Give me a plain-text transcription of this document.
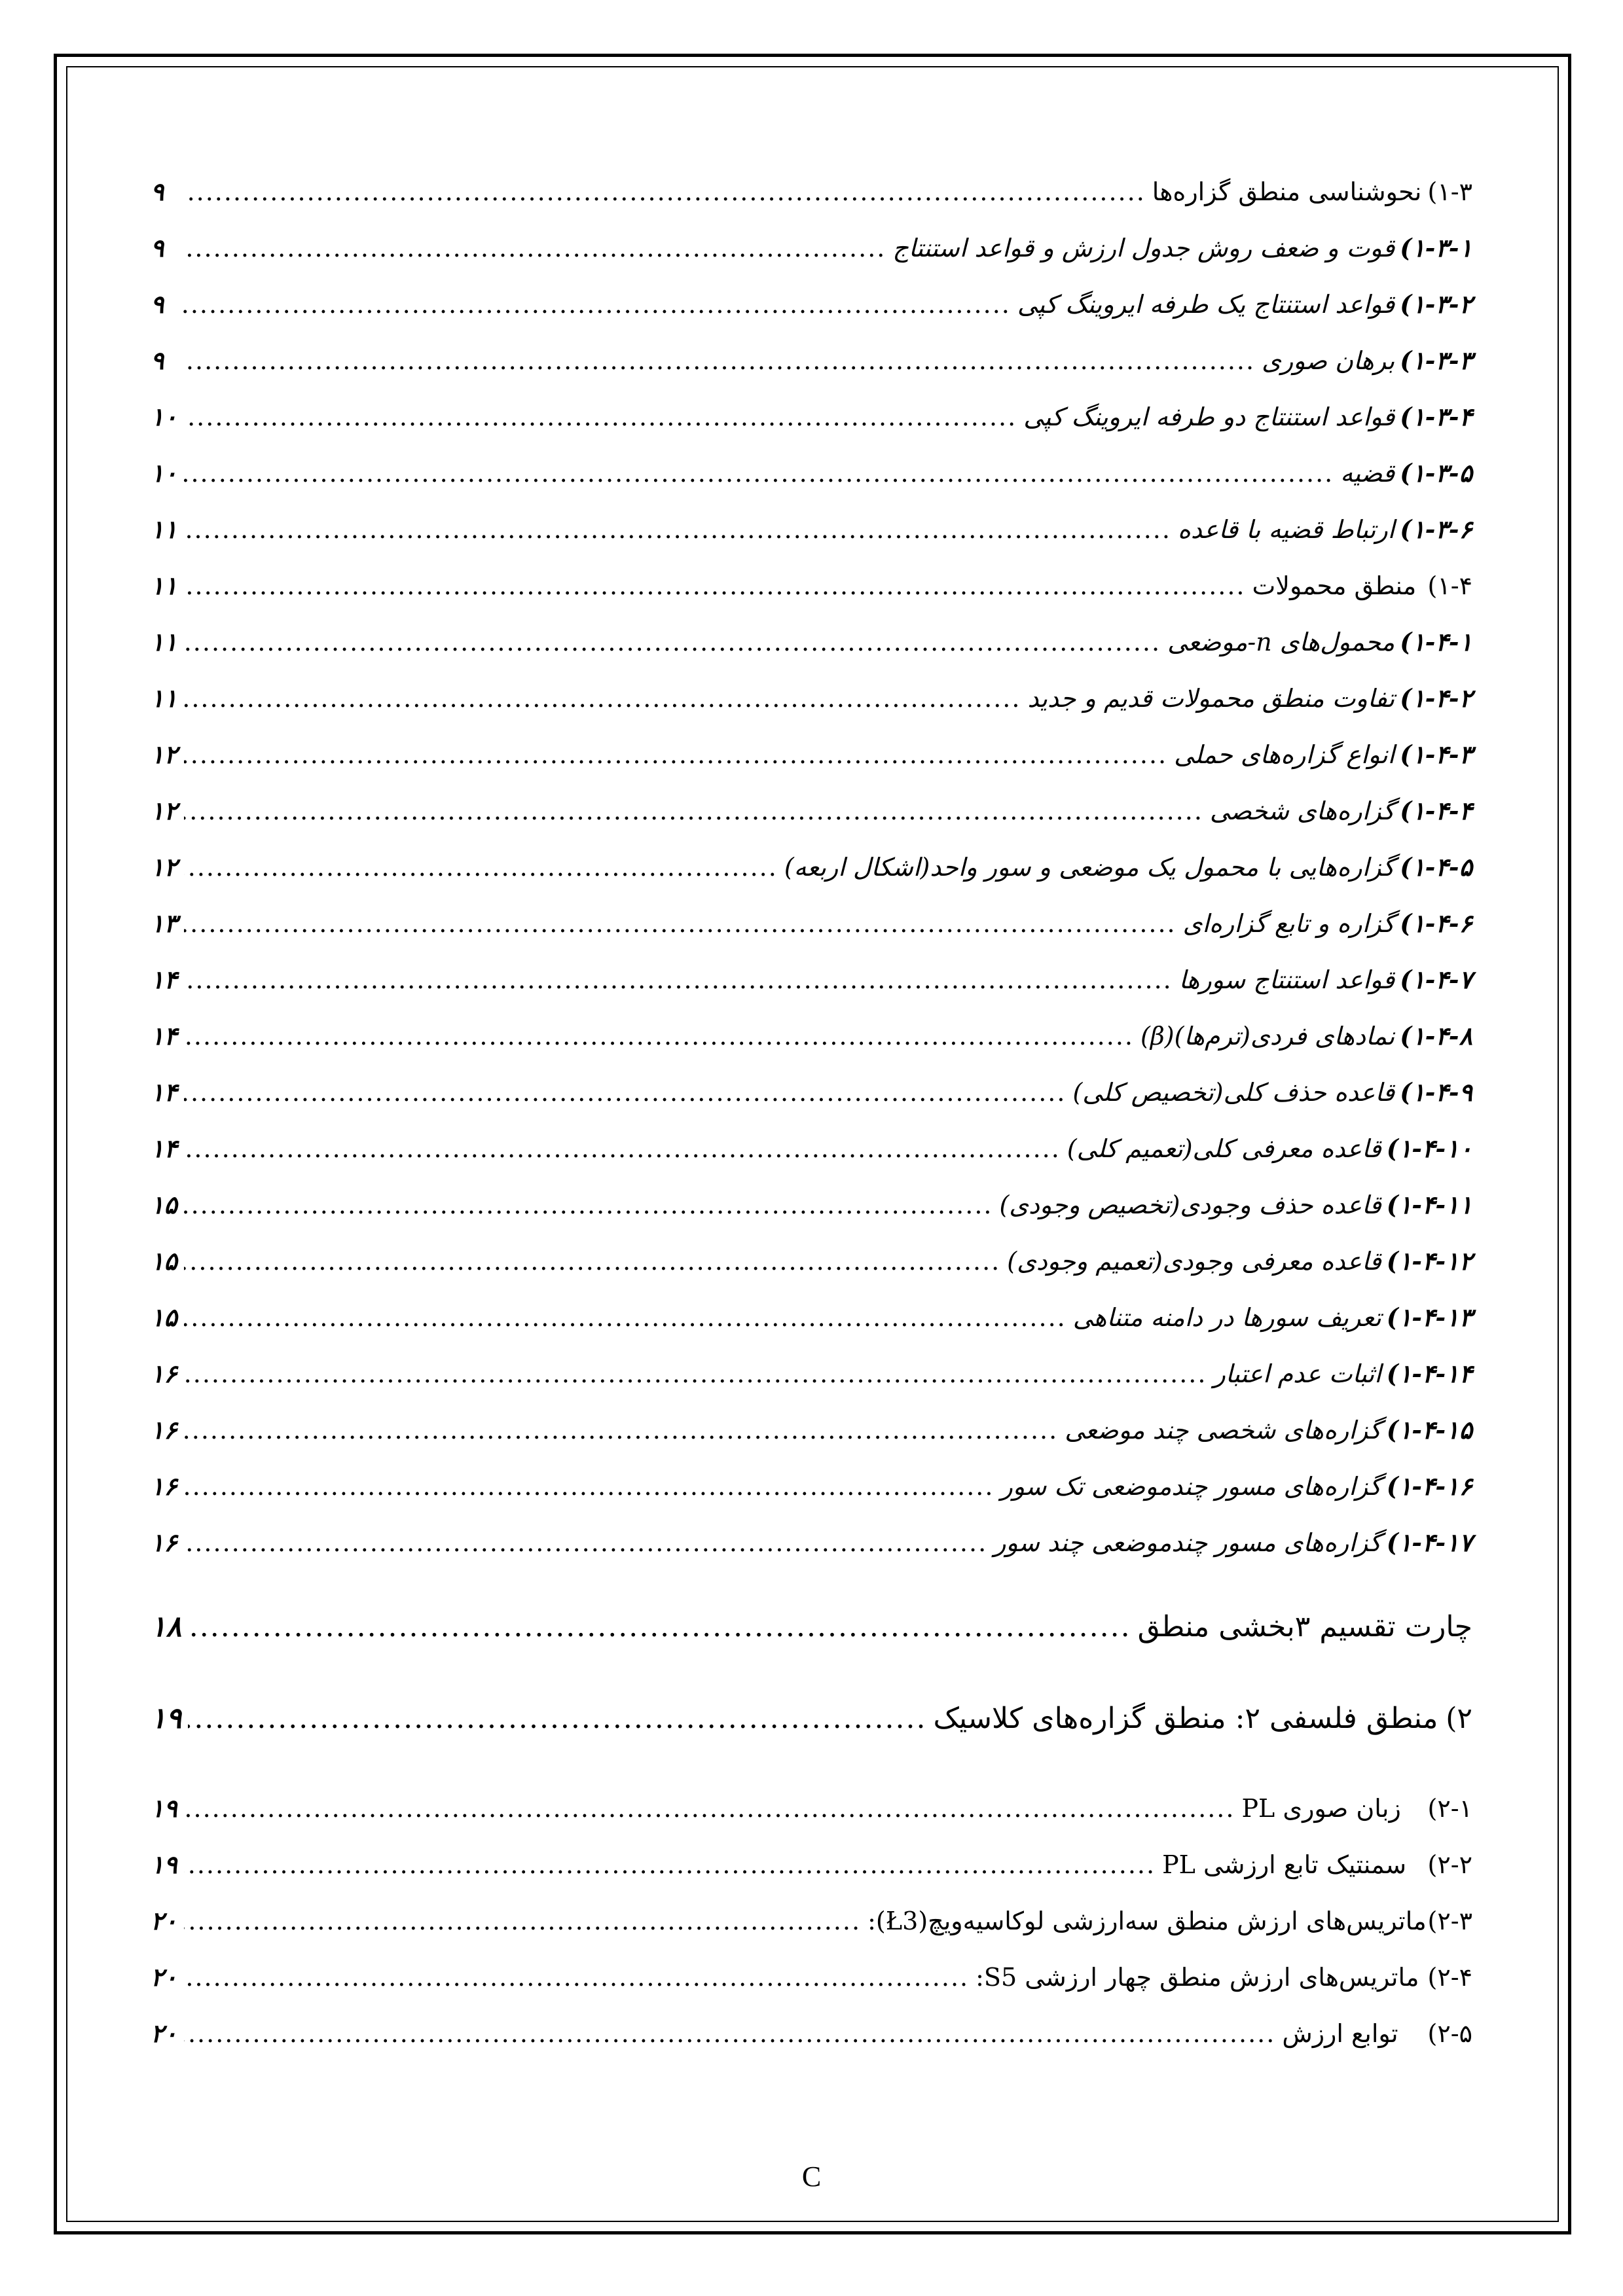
۱-۳)
نحوشناسی منطق گزاره‌ها
.....
۹
۱-۳-۱)
قوت و ضعف روش جدول ارزش و قواعد استنتاج
.....
۹
۱-۳-۲)
قواعد استنتاج یک طرفه ایروینگ کپی
.....
۹
۱-۳-۳)
برهان صوری
.....
۹
۱-۳-۴)
قواعد استنتاج دو طرفه ایروینگ کپی
.....
۱۰
۱-۳-۵)
قضیه
.....
۱۰
۱-۳-۶)
ارتباط قضیه با قاعده
.....
۱۱
۱-۴)
منطق محمولات
.....
۱۱
۱-۴-۱)
محمول‌های n-موضعی
.....
۱۱
۱-۴-۲)
تفاوت منطق محمولات قدیم و جدید
.....
۱۱
۱-۴-۳)
انواع گزاره‌های حملی
.....
۱۲
۱-۴-۴)
گزاره‌های شخصی
.....
۱۲
۱-۴-۵)
گزاره‌هایی با محمول یک موضعی و سور واحد(اشکال اربعه)
.....
۱۲
۱-۴-۶)
گزاره و تابع گزاره‌ای
.....
۱۳
۱-۴-۷)
قواعد استنتاج سورها
.....
۱۴
۱-۴-۸)
نمادهای فردی(ترم‌ها)(β)
.....
۱۴
۱-۴-۹)
قاعده حذف کلی(تخصیص کلی)
.....
۱۴
۱-۴-۱۰)
قاعده معرفی کلی(تعمیم کلی)
.....
۱۴
۱-۴-۱۱)
قاعده حذف وجودی(تخصیص وجودی)
.....
۱۵
۱-۴-۱۲)
قاعده معرفی وجودی(تعمیم وجودی)
.....
۱۵
۱-۴-۱۳)
تعریف سورها در دامنه متناهی
.....
۱۵
۱-۴-۱۴)
اثبات عدم اعتبار
.....
۱۶
۱-۴-۱۵)
گزاره‌های شخصی چند موضعی
.....
۱۶
۱-۴-۱۶)
گزاره‌های مسور چندموضعی تک سور
.....
۱۶
۱-۴-۱۷)
گزاره‌های مسور چندموضعی چند سور
.....
۱۶
چارت تقسیم ۳بخشی منطق
.....
۱۸
۲)
منطق فلسفی ۲: منطق گزاره‌های کلاسیک
.....
۱۹
۲-۱)
زبان صوری PL
.....
۱۹
۲-۲)
سمنتیک تابع ارزشی PL
.....
۱۹
۲-۳)
ماتریس‌های ارزش منطق سه‌ارزشی لوکاسیه‌ویچ(Ł3):
.....
۲۰
۲-۴)
ماتریس‌های ارزش منطق چهار ارزشی S5:
.....
۲۰
۲-۵)
توابع ارزش
.....
۲۰
C
